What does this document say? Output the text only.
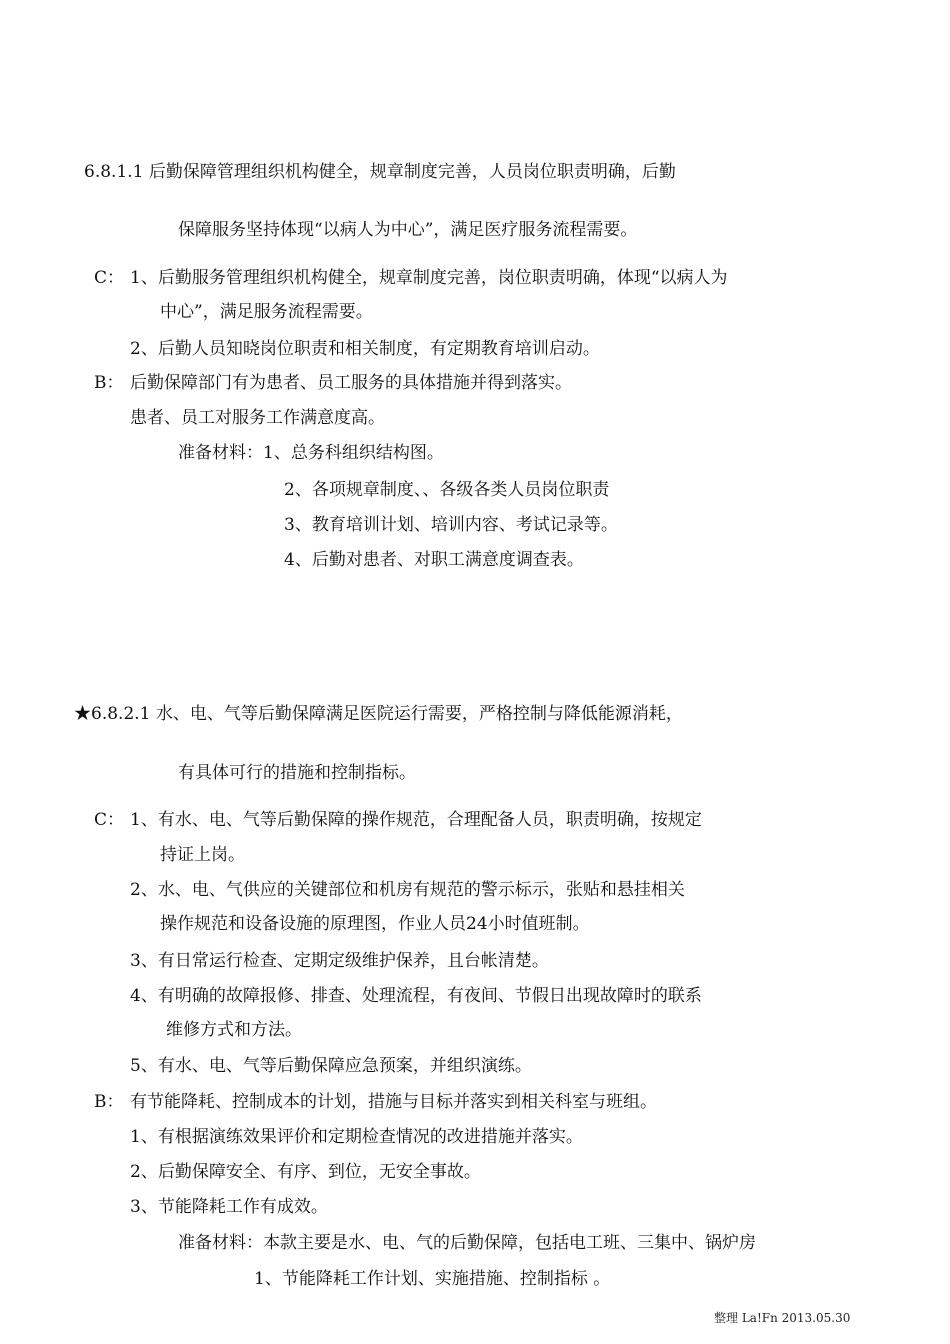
6.8.1.1 后勤保障管理组织机构健全，规章制度完善，人员岗位职责明确，后勤
保障服务坚持体现“以病人为中心”，满足医疗服务流程需要。
C： 1、后勤服务管理组织机构健全，规章制度完善，岗位职责明确，体现“以病人为
中心”，满足服务流程需要。
2、后勤人员知晓岗位职责和相关制度，有定期教育培训启动。
B： 后勤保障部门有为患者、员工服务的具体措施并得到落实。
患者、员工对服务工作满意度高。
准备材料：1、总务科组织结构图。
2、各项规章制度、、各级各类人员岗位职责
3、教育培训计划、培训内容、考试记录等。
4、后勤对患者、对职工满意度调查表。
★6.8.2.1 水、电、气等后勤保障满足医院运行需要，严格控制与降低能源消耗，
有具体可行的措施和控制指标。
C： 1、有水、电、气等后勤保障的操作规范，合理配备人员，职责明确，按规定
持证上岗。
2、水、电、气供应的关键部位和机房有规范的警示标示，张贴和悬挂相关
操作规范和设备设施的原理图，作业人员24小时值班制。
3、有日常运行检查、定期定级维护保养，且台帐清楚。
4、有明确的故障报修、排查、处理流程，有夜间、节假日出现故障时的联系
维修方式和方法。
5、有水、电、气等后勤保障应急预案，并组织演练。
B： 有节能降耗、控制成本的计划，措施与目标并落实到相关科室与班组。
1、有根据演练效果评价和定期检查情况的改进措施并落实。
2、后勤保障安全、有序、到位，无安全事故。
3、节能降耗工作有成效。
准备材料：本款主要是水、电、气的后勤保障，包括电工班、三集中、锅炉房
1、节能降耗工作计划、实施措施、控制指标 。
整理 La!Fn 2013.05.30
